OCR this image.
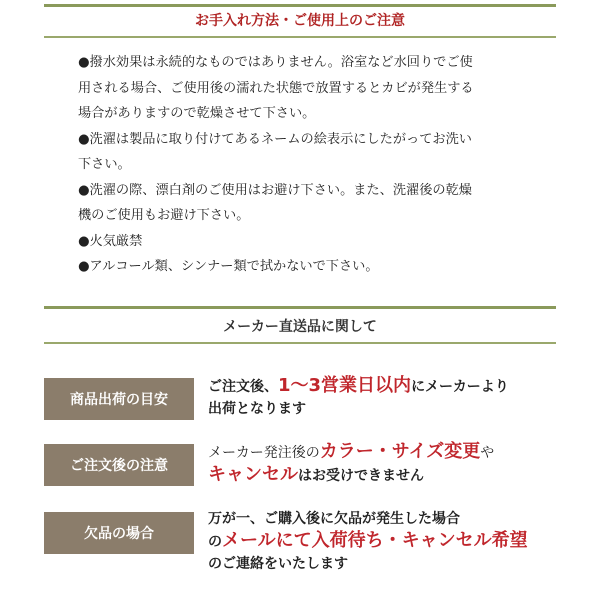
お手入れ方法・ご使用上のご注意
●撥水効果は永続的なものではありません。浴室など水回りでご使
用される場合、ご使用後の濡れた状態で放置するとカビが発生する
場合がありますので乾燥させて下さい。
●洗濯は製品に取り付けてあるネームの絵表示にしたがってお洗い
下さい。
●洗濯の際、漂白剤のご使用はお避け下さい。また、洗濯後の乾燥
機のご使用もお避け下さい。
●火気厳禁
●アルコール類、シンナー類で拭かないで下さい。
メーカー直送品に関して
商品出荷の目安
ご注文後、1〜3営業日以内にメーカーより
出荷となります
ご注文後の注意
メーカー発注後のカラー・サイズ変更や
キャンセルはお受けできません
欠品の場合
万が一、ご購入後に欠品が発生した場合
のメールにて入荷待ち・キャンセル希望
のご連絡をいたします
